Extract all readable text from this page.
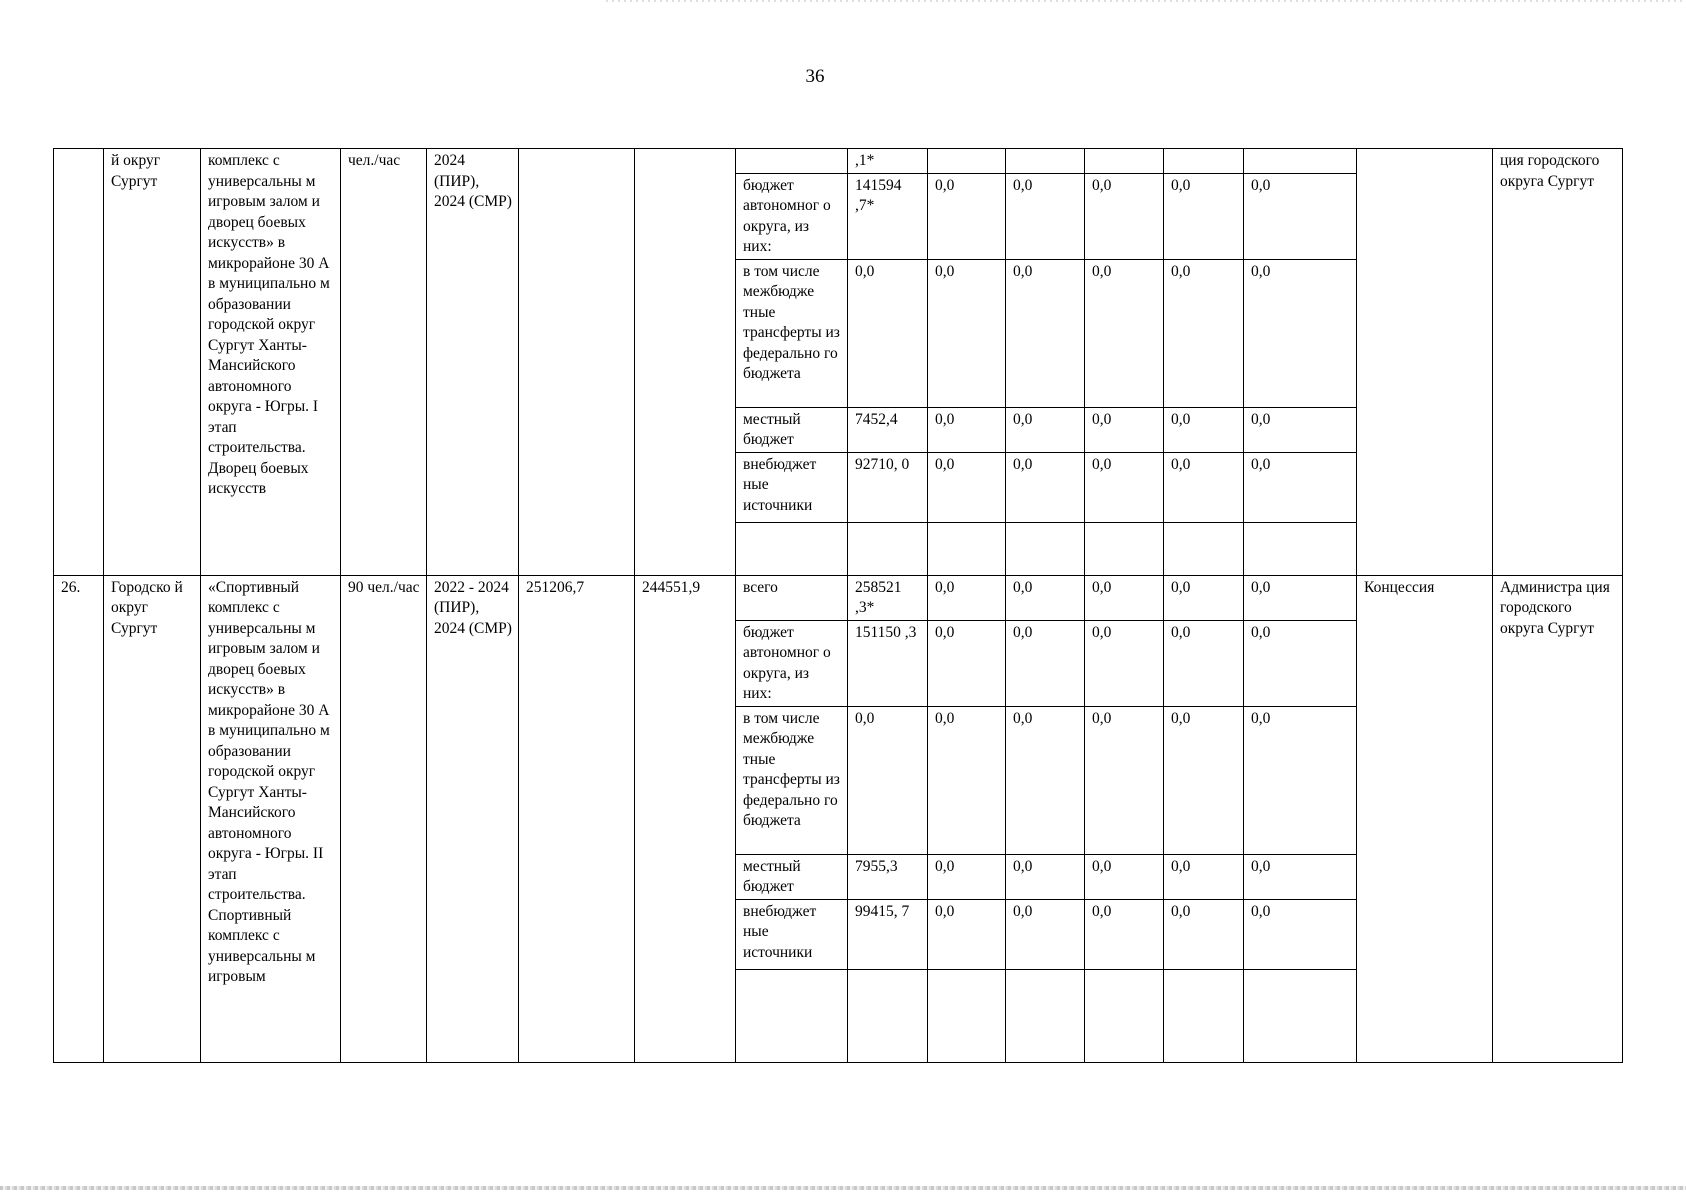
36
	й округ Сургут	комплекс с универсальны м игровым залом и дворец боевых искусств» в микрорайоне 30 А в муниципально м образовании городской округ Сургут Ханты-Мансийского автономного округа - Югры. I этап строительства. Дворец боевых искусств	чел./час	2024 (ПИР), 2024 (СМР)				,1*							ция городского округа Сургут
							бюджет автономног о округа, из них:	141594 ,7*	0,0	0,0	0,0	0,0	0,0		
							в том числе межбюдже тные трансферты из федерально го бюджета	0,0	0,0	0,0	0,0	0,0	0,0		
							местный бюджет	7452,4	0,0	0,0	0,0	0,0	0,0		
							внебюджет ные источники	92710, 0	0,0	0,0	0,0	0,0	0,0		

26.	Городско й округ Сургут	«Спортивный комплекс с универсальны м игровым залом и дворец боевых искусств» в микрорайоне 30 А в муниципально м образовании городской округ Сургут Ханты-Мансийского автономного округа - Югры. II этап строительства. Спортивный комплекс с универсальны м игровым	90 чел./час	2022 - 2024 (ПИР), 2024 (СМР)	251206,7	244551,9	всего	258521 ,3*	0,0	0,0	0,0	0,0	0,0	Концессия	Администра ция городского округа Сургут
							бюджет автономног о округа, из них:	151150 ,3	0,0	0,0	0,0	0,0	0,0		
							в том числе межбюдже тные трансферты из федерально го бюджета	0,0	0,0	0,0	0,0	0,0	0,0		
							местный бюджет	7955,3	0,0	0,0	0,0	0,0	0,0		
							внебюджет ные источники	99415, 7	0,0	0,0	0,0	0,0	0,0		
